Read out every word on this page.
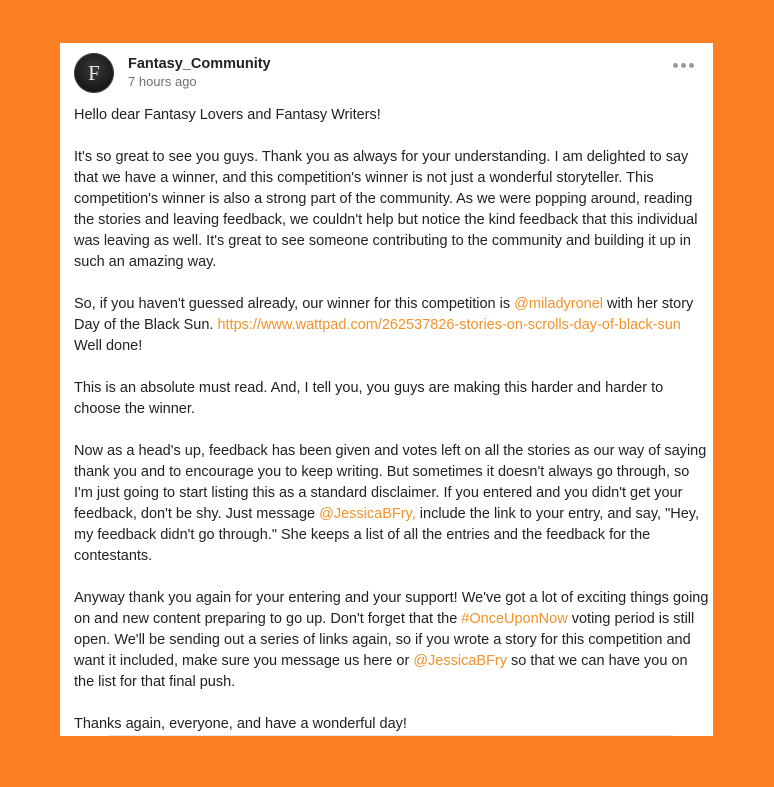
F Fantasy_Community
7 hours ago

Hello dear Fantasy Lovers and Fantasy Writers!

It's so great to see you guys. Thank you as always for your understanding. I am delighted to say that we have a winner, and this competition's winner is not just a wonderful storyteller. This competition's winner is also a strong part of the community. As we were popping around, reading the stories and leaving feedback, we couldn't help but notice the kind feedback that this individual was leaving as well. It's great to see someone contributing to the community and building it up in such an amazing way.

So, if you haven't guessed already, our winner for this competition is @miladyronel with her story Day of the Black Sun. https://www.wattpad.com/262537826-stories-on-scrolls-day-of-black-sun Well done!

This is an absolute must read. And, I tell you, you guys are making this harder and harder to choose the winner.

Now as a head's up, feedback has been given and votes left on all the stories as our way of saying thank you and to encourage you to keep writing. But sometimes it doesn't always go through, so I'm just going to start listing this as a standard disclaimer. If you entered and you didn't get your feedback, don't be shy. Just message @JessicaBFry, include the link to your entry, and say, "Hey, my feedback didn't go through." She keeps a list of all the entries and the feedback for the contestants.

Anyway thank you again for your entering and your support! We've got a lot of exciting things going on and new content preparing to go up. Don't forget that the #OnceUponNow voting period is still open. We'll be sending out a series of links again, so if you wrote a story for this competition and want it included, make sure you message us here or @JessicaBFry so that we can have you on the list for that final push.

Thanks again, everyone, and have a wonderful day!
